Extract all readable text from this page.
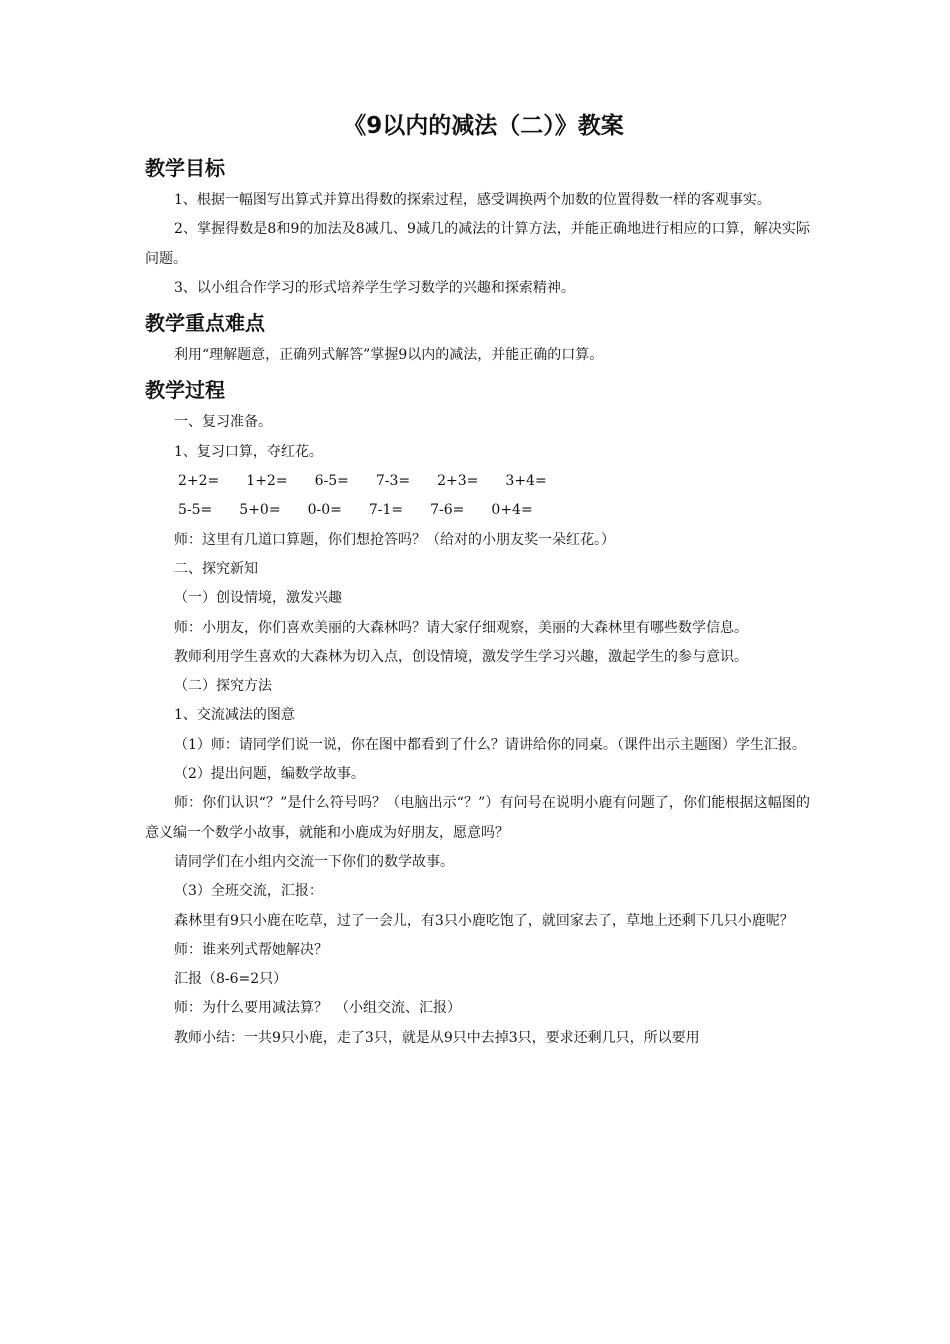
《9以内的减法（二）》教案
教学目标

1、根据一幅图写出算式并算出得数的探索过程，感受调换两个加数的位置得数一样的客观事实。

2、掌握得数是8和9的加法及8减几、9减几的减法的计算方法，并能正确地进行相应的口算，解决实际问题。

3、以小组合作学习的形式培养学生学习数学的兴趣和探索精神。

教学重点难点

利用“理解题意，正确列式解答”掌握9以内的减法，并能正确的口算。

教学过程

一、复习准备。

1、复习口算，夺红花。

2+2= 1+2= 6-5= 7-3= 2+3= 3+4=

5-5= 5+0= 0-0= 7-1= 7-6= 0+4=

师：这里有几道口算题，你们想抢答吗？（给对的小朋友奖一朵红花。）

二、探究新知

（一）创设情境，激发兴趣

师：小朋友，你们喜欢美丽的大森林吗？请大家仔细观察，美丽的大森林里有哪些数学信息。

教师利用学生喜欢的大森林为切入点，创设情境，激发学生学习兴趣，激起学生的参与意识。

（二）探究方法

1、交流减法的图意

（1）师：请同学们说一说，你在图中都看到了什么？请讲给你的同桌。（课件出示主题图）学生汇报。

（2）提出问题，编数学故事。

师：你们认识“？”是什么符号吗？（电脑出示“？”）有问号在说明小鹿有问题了，你们能根据这幅图的意义编一个数学小故事，就能和小鹿成为好朋友，愿意吗？

请同学们在小组内交流一下你们的数学故事。

（3）全班交流，汇报：

森林里有9只小鹿在吃草，过了一会儿，有3只小鹿吃饱了，就回家去了，草地上还剩下几只小鹿呢？

师：谁来列式帮她解决？

汇报（8-6=2只）

师：为什么要用减法算？　（小组交流、汇报）

教师小结：一共9只小鹿，走了3只，就是从9只中去掉3只，要求还剩几只，所以要用
